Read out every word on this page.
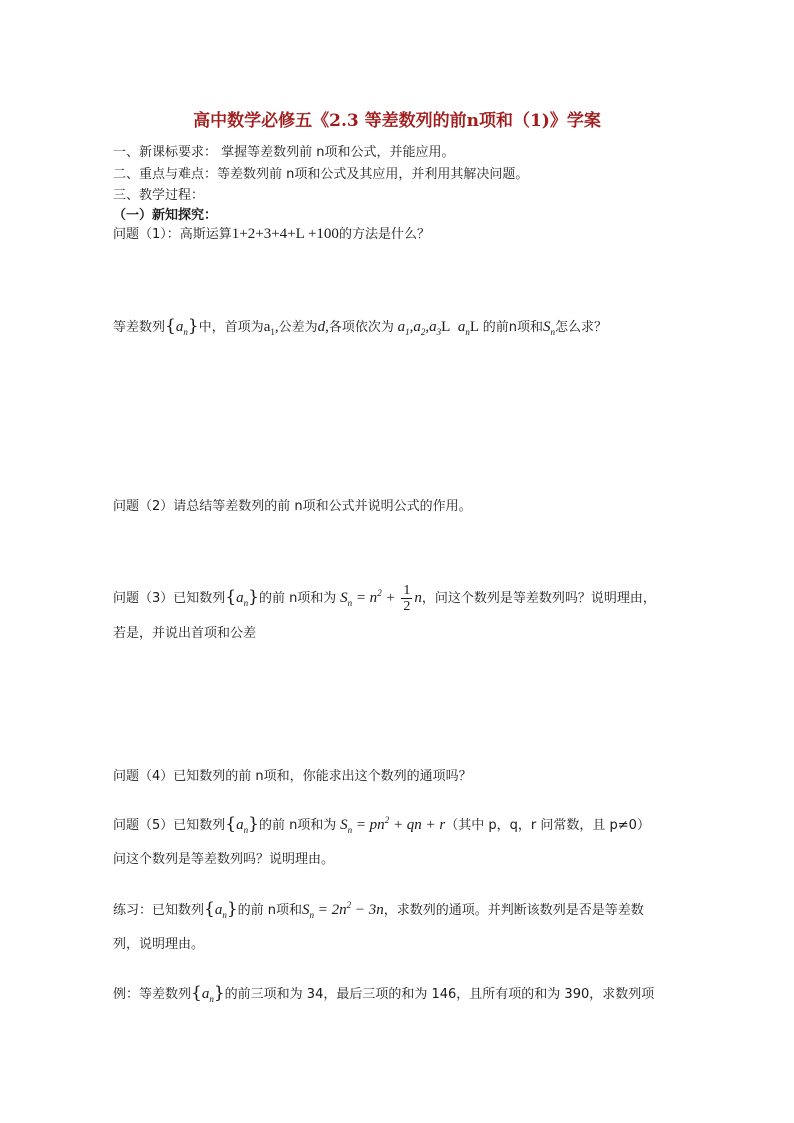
高中数学必修五《2.3 等差数列的前n项和（1)》学案
一、新课标要求： 掌握等差数列前 n项和公式，并能应用。
二、重点与难点：等差数列前 n项和公式及其应用，并利用其解决问题。
三、教学过程：
（一）新知探究：
问题（1）：高斯运算1+2+3+4+L +100的方法是什么？
等差数列$\{a_n\}$中，首项为$a_1$,公差为d,各项依次为 $a_1,a_2,a_3L$  $a_nL$ 的前n项和$S_n$怎么求？
问题（2）请总结等差数列的前 n项和公式并说明公式的作用。
问题（3）已知数列$\{a_n\}$的前 n项和为 $S_n = n^2 + \frac{1}{2}$ n，问这个数列是等差数列吗？说明理由，
若是，并说出首项和公差
问题（4）已知数列的前 n项和，你能求出这个数列的通项吗？
问题（5）已知数列$\{a_n\}$的前 n项和为 $S_n = pn^2$ + qn + r（其中 p，q，r 问常数，且 p≠0）
问这个数列是等差数列吗？说明理由。
练习：已知数列$\{a_n\}$的前 n项和$S_n = 2n^2 - 3n$，求数列的通项。并判断该数列是否是等差数
列，说明理由。
例：等差数列$\{a_n\}$的前三项和为 34，最后三项的和为 146，且所有项的和为 390，求数列项
